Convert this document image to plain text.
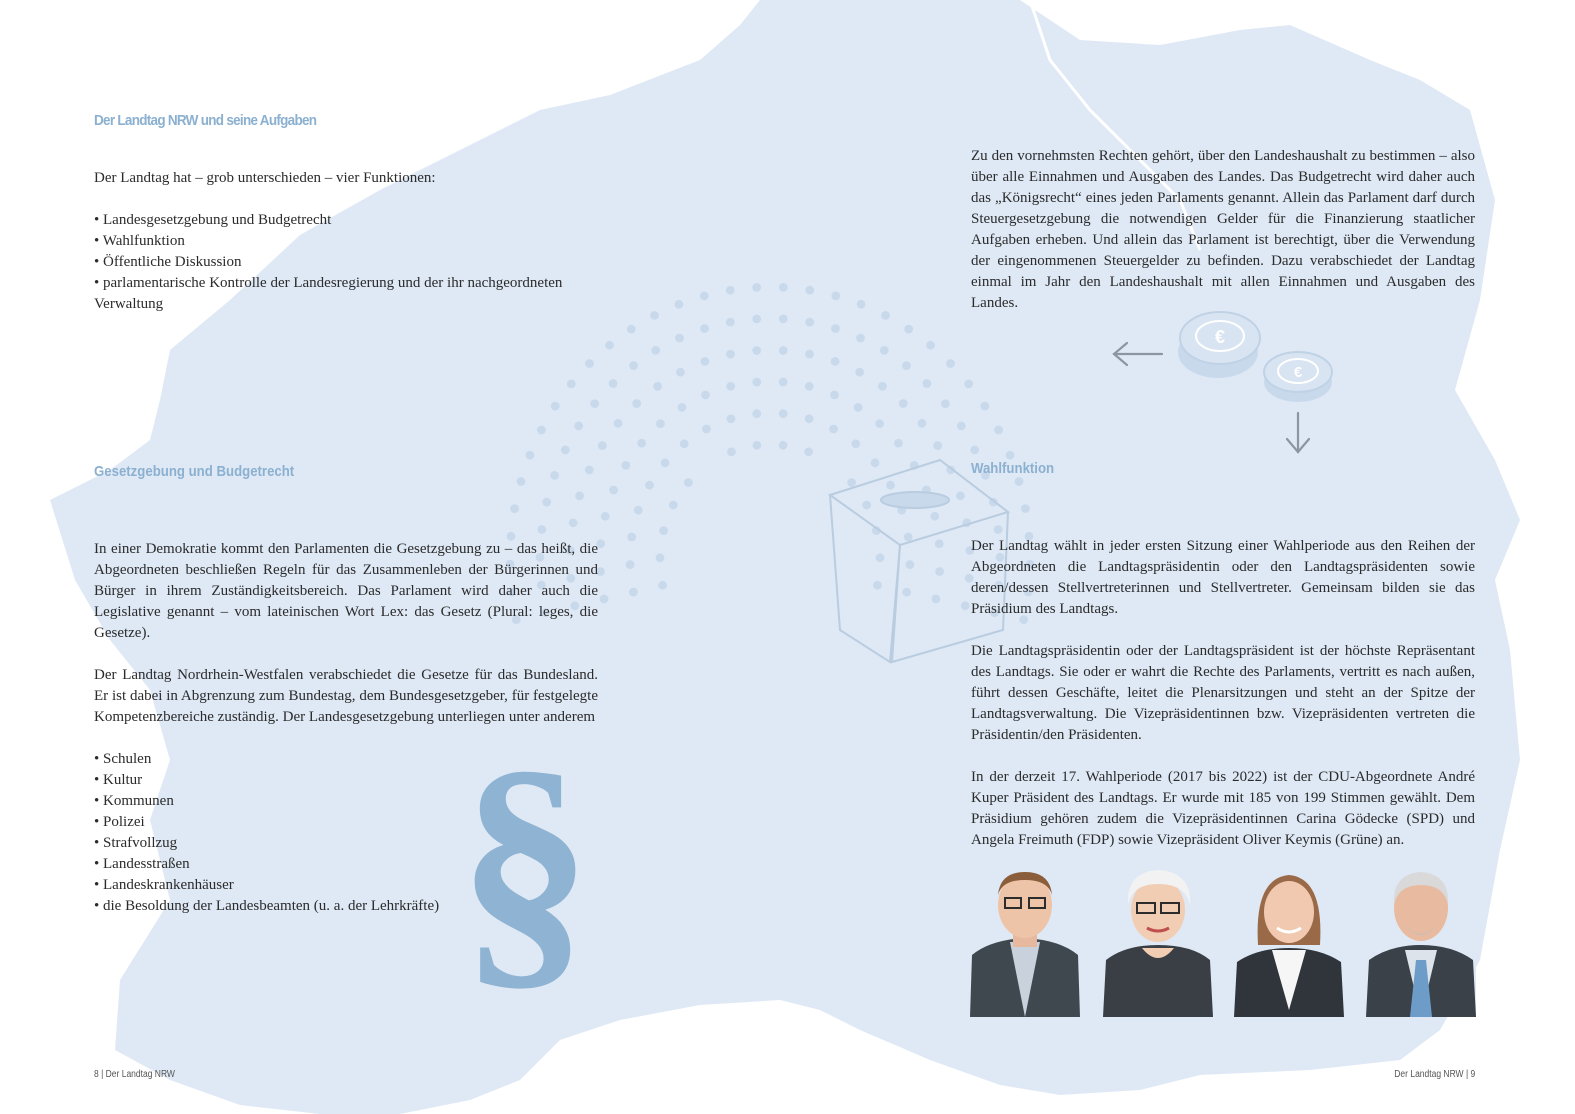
€
€
§
Der Landtag NRW und seine Aufgaben

Der Landtag hat – grob unterschieden – vier Funktionen:

• Landesgesetzgebung und Budgetrecht
• Wahlfunktion
• Öffentliche Diskussion
• parlamentarische Kontrolle der Landesregierung und der ihr nachgeordneten Verwaltung
Gesetzgebung und Budgetrecht

In einer Demokratie kommt den Parlamenten die Gesetzgebung zu – das heißt, die Abgeordneten beschließen Regeln für das Zusammenleben der Bürgerinnen und Bürger in ihrem Zuständigkeitsbereich. Das Parlament wird daher auch die Legislative genannt – vom lateinischen Wort Lex: das Gesetz (Plural: leges, die Gesetze).

Der Landtag Nordrhein-Westfalen verabschiedet die Gesetze für das Bundesland. Er ist dabei in Abgrenzung zum Bundestag, dem Bundesgesetzgeber, für festgelegte Kompetenzbereiche zuständig. Der Landesgesetzgebung unterliegen unter anderem

• Schulen
• Kultur
• Kommunen
• Polizei
• Strafvollzug
• Landesstraßen
• Landeskrankenhäuser
• die Besoldung der Landesbeamten (u. a. der Lehrkräfte)
8 | Der Landtag NRW

Zu den vornehmsten Rechten gehört, über den Landeshaushalt zu bestimmen – also über alle Einnahmen und Ausgaben des Landes. Das Budgetrecht wird daher auch das „Königsrecht“ eines jeden Parlaments genannt. Allein das Parlament darf durch Steuergesetzgebung die notwendigen Gelder für die Finanzierung staatlicher Aufgaben erheben. Und allein das Parlament ist berechtigt, über die Verwendung der eingenommenen Steuergelder zu befinden. Dazu verabschiedet der Landtag einmal im Jahr den Landeshaushalt mit allen Einnahmen und Ausgaben des Landes.

Wahlfunktion

Der Landtag wählt in jeder ersten Sitzung einer Wahlperiode aus den Reihen der Abgeordneten die Landtagspräsidentin oder den Landtagspräsidenten sowie deren/dessen Stellvertreterinnen und Stellvertreter. Gemeinsam bilden sie das Präsidium des Landtags.

Die Landtagspräsidentin oder der Landtagspräsident ist der höchste Repräsentant des Landtags. Sie oder er wahrt die Rechte des Parlaments, vertritt es nach außen, führt dessen Geschäfte, leitet die Plenarsitzungen und steht an der Spitze der Landtagsverwaltung. Die Vizepräsidentinnen bzw. Vizepräsidenten vertreten die Präsidentin/den Präsidenten.

In der derzeit 17. Wahlperiode (2017 bis 2022) ist der CDU-Abgeordnete André Kuper Präsident des Landtags. Er wurde mit 185 von 199 Stimmen gewählt. Dem Präsidium gehören zudem die Vizepräsidentinnen Carina Gödecke (SPD) und Angela Freimuth (FDP) sowie Vizepräsident Oliver Keymis (Grüne) an.

Der Landtag NRW | 9
